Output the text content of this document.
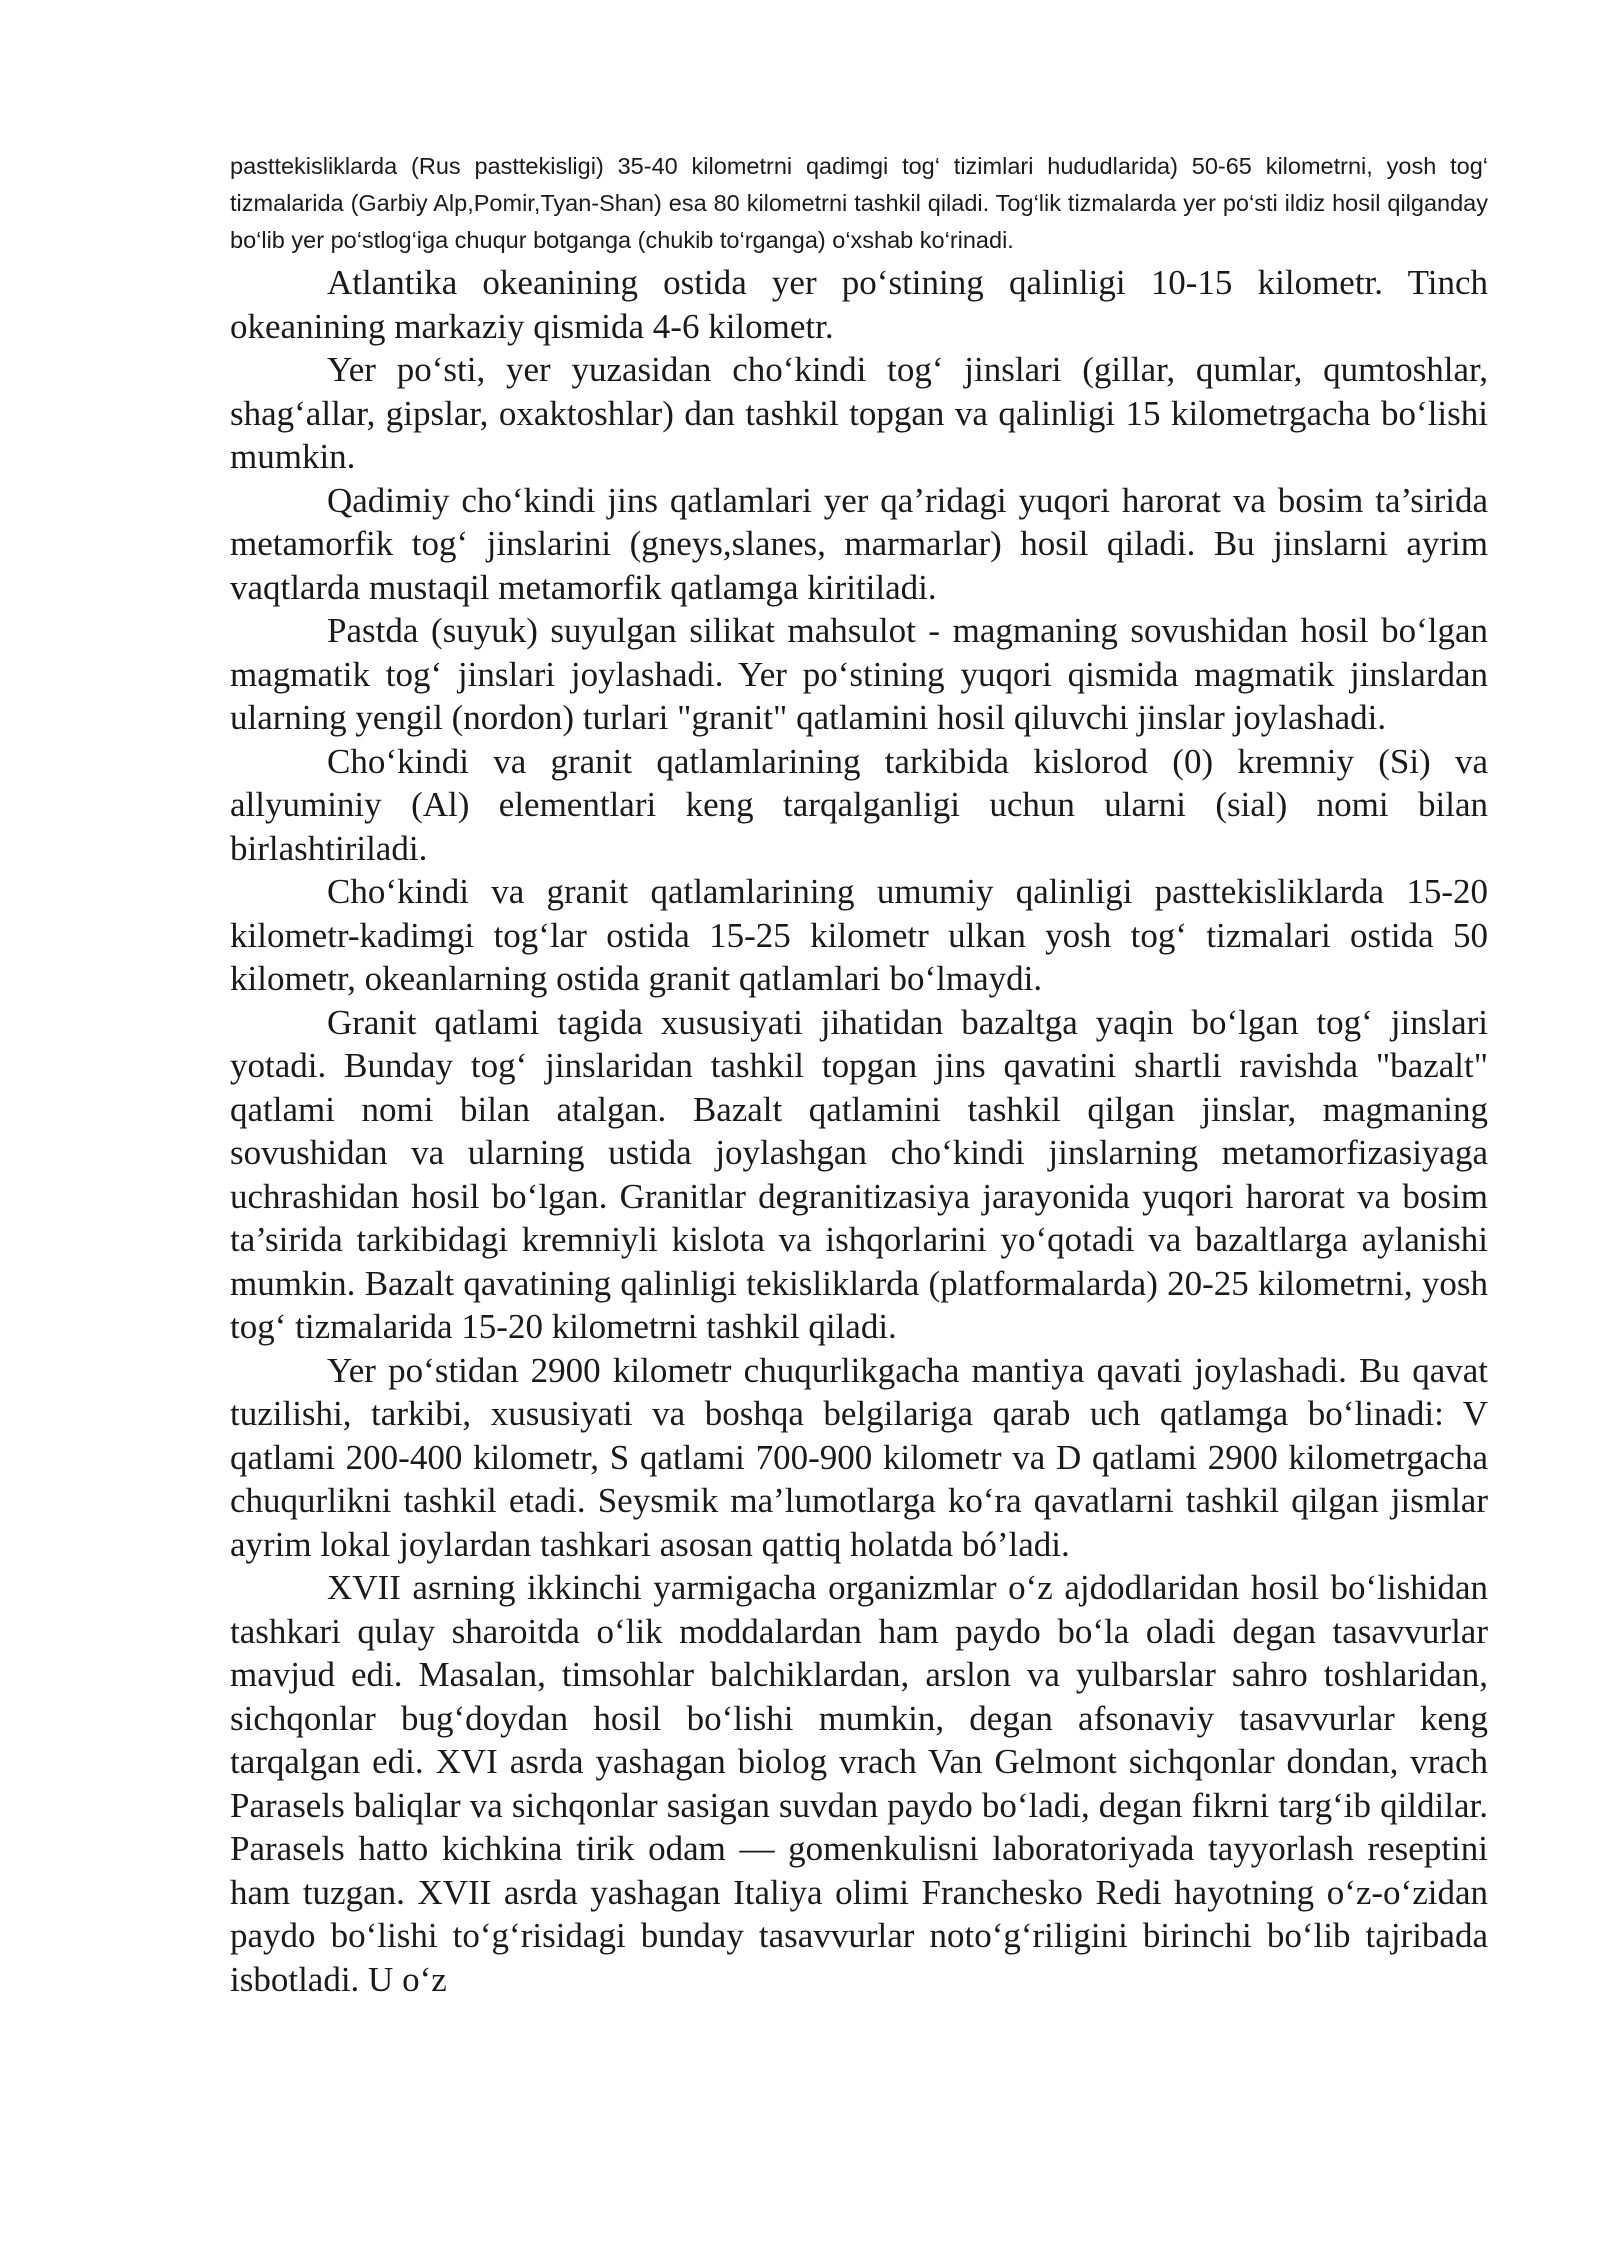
pasttekisliklarda (Rus pasttekisligi) 35-40 kilometrni qadimgi tog‘ tizimlari hududlarida) 50-65 kilometrni, yosh tog‘ tizmalarida (Garbiy Alp,Pomir,Tyan-Shan) esa 80 kilometrni tashkil qiladi. Tog‘lik tizmalarda yer po‘sti ildiz hosil qilganday bo‘lib yer po‘stlog‘iga chuqur botganga (chukib to‘rganga) o‘xshab ko‘rinadi.

Atlantika okeanining ostida yer po‘stining qalinligi 10-15 kilometr. Tinch okeanining markaziy qismida 4-6 kilometr.

Yer po‘sti, yer yuzasidan cho‘kindi tog‘ jinslari (gillar, qumlar, qumtoshlar, shag‘allar, gipslar, oxaktoshlar) dan tashkil topgan va qalinligi 15 kilometrgacha bo‘lishi mumkin.

Qadimiy cho‘kindi jins qatlamlari yer qa’ridagi yuqori harorat va bosim ta’sirida metamorfik tog‘ jinslarini (gneys,slanes, marmarlar) hosil qiladi. Bu jinslarni ayrim vaqtlarda mustaqil metamorfik qatlamga kiritiladi.

Pastda (suyuk) suyulgan silikat mahsulot - magmaning sovushidan hosil bo‘lgan magmatik tog‘ jinslari joylashadi. Yer po‘stining yuqori qismida magmatik jinslardan ularning yengil (nordon) turlari "granit" qatlamini hosil qiluvchi jinslar joylashadi.

Cho‘kindi va granit qatlamlarining tarkibida kislorod (0) kremniy (Si) va allyuminiy (Al) elementlari keng tarqalganligi uchun ularni (sial) nomi bilan birlashtiriladi.

Cho‘kindi va granit qatlamlarining umumiy qalinligi pasttekisliklarda 15-20 kilometr-kadimgi tog‘lar ostida 15-25 kilometr ulkan yosh tog‘ tizmalari ostida 50 kilometr, okeanlarning ostida granit qatlamlari bo‘lmaydi.

Granit qatlami tagida xususiyati jihatidan bazaltga yaqin bo‘lgan tog‘ jinslari yotadi. Bunday tog‘ jinslaridan tashkil topgan jins qavatini shartli ravishda "bazalt" qatlami nomi bilan atalgan. Bazalt qatlamini tashkil qilgan jinslar, magmaning sovushidan va ularning ustida joylashgan cho‘kindi jinslarning metamorfizasiyaga uchrashidan hosil bo‘lgan. Granitlar degranitizasiya jarayonida yuqori harorat va bosim ta’sirida tarkibidagi kremniyli kislota va ishqorlarini yo‘qotadi va bazaltlarga aylanishi mumkin. Bazalt qavatining qalinligi tekisliklarda (platformalarda) 20-25 kilometrni, yosh tog‘ tizmalarida 15-20 kilometrni tashkil qiladi.

Yer po‘stidan 2900 kilometr chuqurlikgacha mantiya qavati joylashadi. Bu qavat tuzilishi, tarkibi, xususiyati va boshqa belgilariga qarab uch qatlamga bo‘linadi: V qatlami 200-400 kilometr, S qatlami 700-900 kilometr va D qatlami 2900 kilometrgacha chuqurlikni tashkil etadi. Seysmik ma’lumotlarga ko‘ra qavatlarni tashkil qilgan jismlar ayrim lokal joylardan tashkari asosan qattiq holatda bó’ladi.

XVII asrning ikkinchi yarmigacha organizmlar o‘z ajdodlaridan hosil bo‘lishidan tashkari qulay sharoitda o‘lik moddalardan ham paydo bo‘la oladi degan tasavvurlar mavjud edi. Masalan, timsohlar balchiklardan, arslon va yulbarslar sahro toshlaridan, sichqonlar bug‘doydan hosil bo‘lishi mumkin, degan afsonaviy tasavvurlar keng tarqalgan edi. XVI asrda yashagan biolog vrach Van Gelmont sichqonlar dondan, vrach Parasels baliqlar va sichqonlar sasigan suvdan paydo bo‘ladi, degan fikrni targ‘ib qildilar. Parasels hatto kichkina tirik odam — gomenkulisni laboratoriyada tayyorlash reseptini ham tuzgan. XVII asrda yashagan Italiya olimi Franchesko Redi hayotning o‘z-o‘zidan paydo bo‘lishi to‘g‘risidagi bunday tasavvurlar noto‘g‘riligini birinchi bo‘lib tajribada isbotladi. U o‘z
